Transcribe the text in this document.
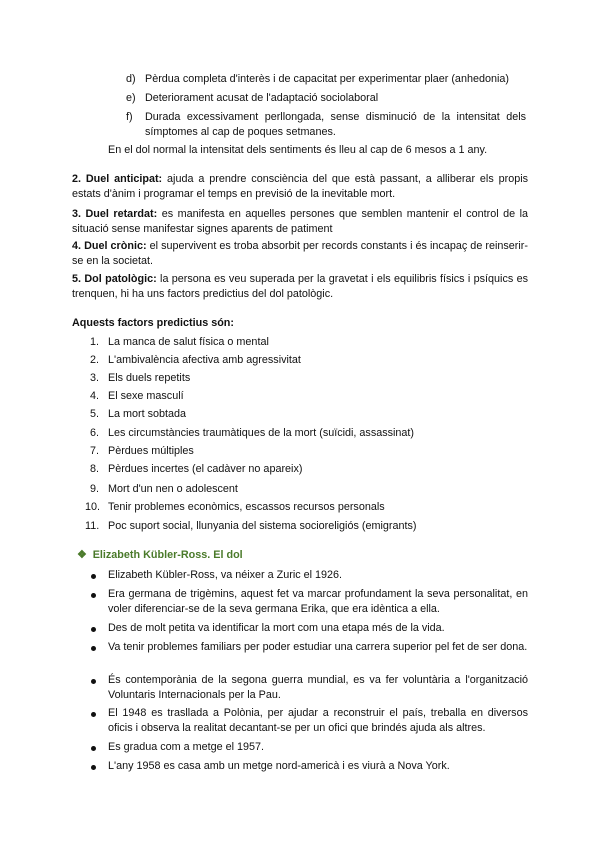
d) Pèrdua completa d'interès i de capacitat per experimentar plaer (anhedonia)
e) Deteriorament acusat de l'adaptació sociolaboral
f) Durada excessivament perllongada, sense disminució de la intensitat dels símptomes al cap de poques setmanes.
En el dol normal la intensitat dels sentiments és lleu al cap de 6 mesos a 1 any.
2. Duel anticipat: ajuda a prendre consciència del que està passant, a alliberar els propis estats d'ànim i programar el temps en previsió de la inevitable mort.
3. Duel retardat: es manifesta en aquelles persones que semblen mantenir el control de la situació sense manifestar signes aparents de patiment
4. Duel crònic: el supervivent es troba absorbit per records constants i és incapaç de reinserir-se en la societat.
5. Dol patològic: la persona es veu superada per la gravetat i els equilibris físics i psíquics es trenquen, hi ha uns factors predictius del dol patològic.
Aquests factors predictius són:
1. La manca de salut física o mental
2. L'ambivalència afectiva amb agressivitat
3. Els duels repetits
4. El sexe masculí
5. La mort sobtada
6. Les circumstàncies traumàtiques de la mort (suïcidi, assassinat)
7. Pèrdues múltiples
8. Pèrdues incertes (el cadàver no apareix)
9. Mort d'un nen o adolescent
10. Tenir problemes econòmics, escassos recursos personals
11. Poc suport social, llunyania del sistema socioreligiós (emigrants)
❖ Elizabeth Kübler-Ross. El dol
Elizabeth Kübler-Ross, va néixer a Zuric el 1926.
Era germana de trigèmins, aquest fet va marcar profundament la seva personalitat, en voler diferenciar-se de la seva germana Erika, que era idèntica a ella.
Des de molt petita va identificar la mort com una etapa més de la vida.
Va tenir problemes familiars per poder estudiar una carrera superior pel fet de ser dona.
És contemporània de la segona guerra mundial, es va fer voluntària a l'organització Voluntaris Internacionals per la Pau.
El 1948 es trasllada a Polònia, per ajudar a reconstruir el país, treballa en diversos oficis i observa la realitat decantant-se per un ofici que brindés ajuda als altres.
Es gradua com a metge el 1957.
L'any 1958 es casa amb un metge nord-americà i es viurà a Nova York.
